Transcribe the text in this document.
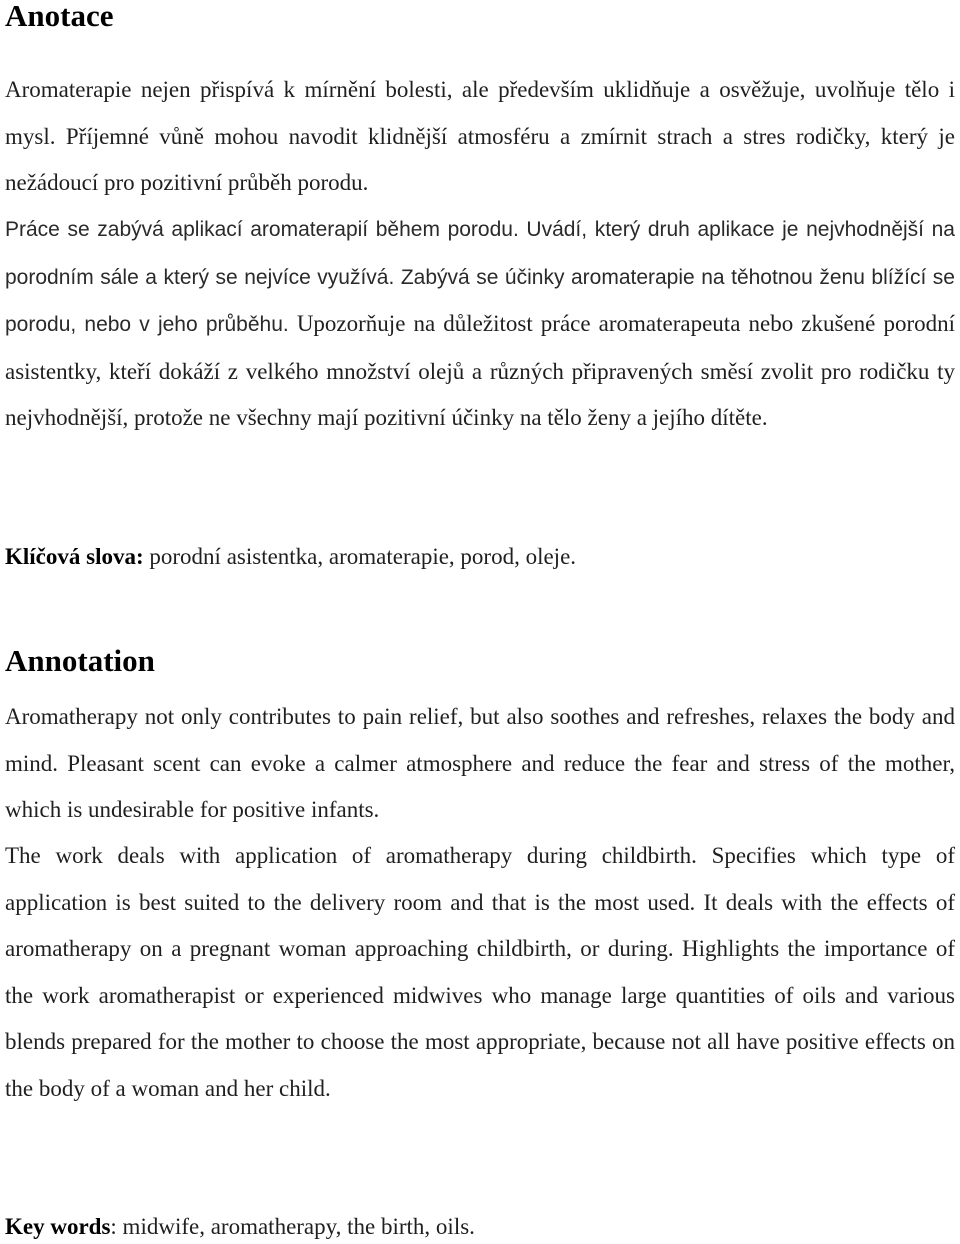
Anotace

Aromaterapie nejen přispívá k mírnění bolesti, ale především uklidňuje a osvěžuje, uvolňuje tělo i mysl. Příjemné vůně mohou navodit klidnější atmosféru a zmírnit strach a stres rodičky, který je nežádoucí pro pozitivní průběh porodu.

Práce se zabývá aplikací aromaterapií během porodu. Uvádí, který druh aplikace je nejvhodnější na porodním sále a který se nejvíce využívá. Zabývá se účinky aromaterapie na těhotnou ženu blížící se porodu, nebo v jeho průběhu. Upozorňuje na důležitost práce aromaterapeuta nebo zkušené porodní asistentky, kteří dokáží z velkého množství olejů a různých připravených směsí zvolit pro rodičku ty nejvhodnější, protože ne všechny mají pozitivní účinky na tělo ženy a jejího dítěte.

Klíčová slova: porodní asistentka, aromaterapie, porod, oleje.

Annotation

Aromatherapy not only contributes to pain relief, but also soothes and refreshes, relaxes the body and mind. Pleasant scent can evoke a calmer atmosphere and reduce the fear and stress of the mother, which is undesirable for positive infants.

The work deals with application of aromatherapy during childbirth. Specifies which type of application is best suited to the delivery room and that is the most used. It deals with the effects of aromatherapy on a pregnant woman approaching childbirth, or during. Highlights the importance of the work aromatherapist or experienced midwives who manage large quantities of oils and various blends prepared for the mother to choose the most appropriate, because not all have positive effects on the body of a woman and her child.

Key words: midwife, aromatherapy, the birth, oils.
